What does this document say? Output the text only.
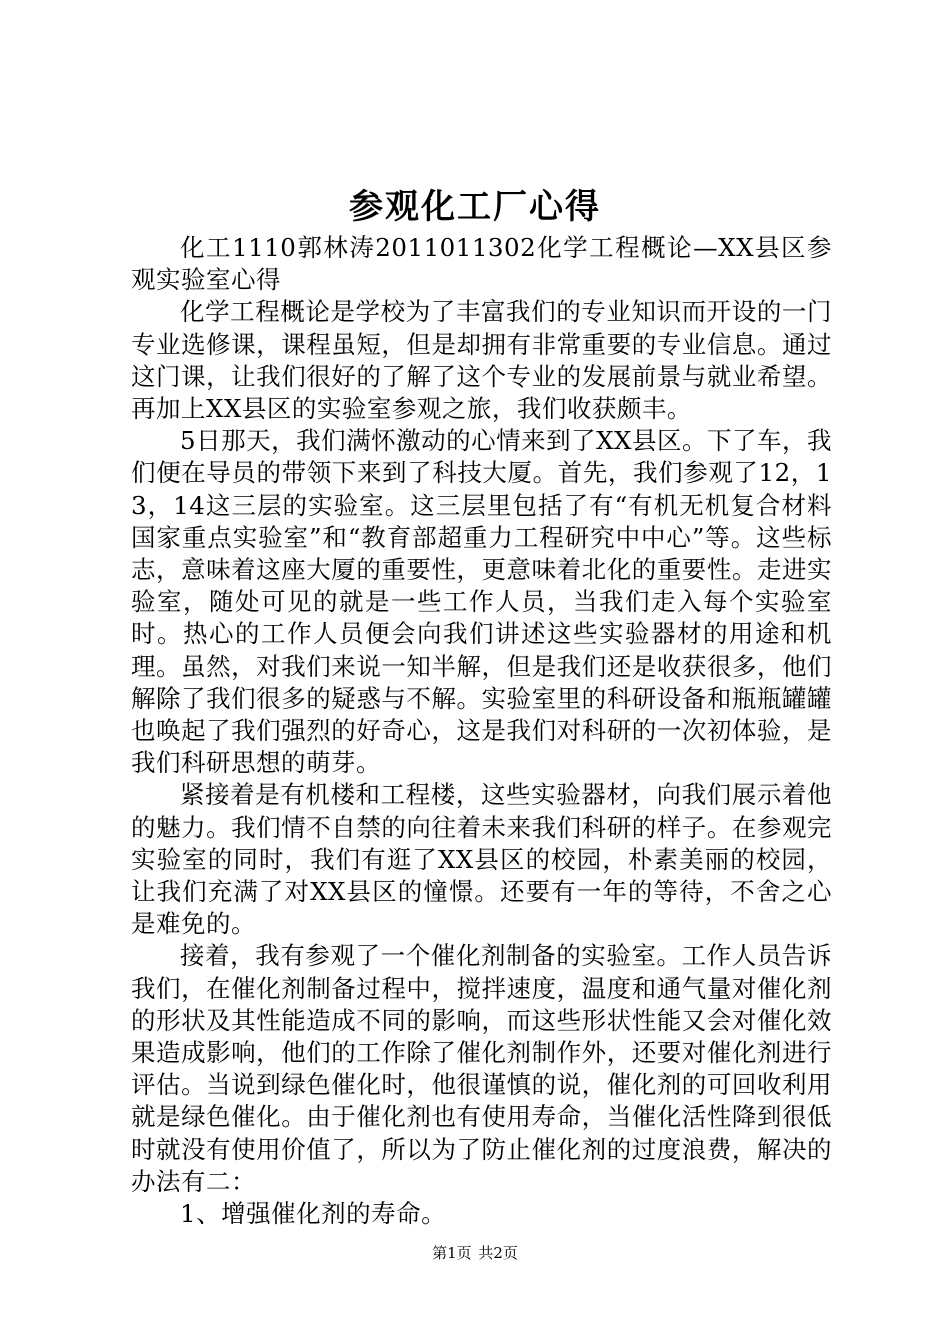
参观化工厂心得

化工1110郭林涛2011011302化学工程概论—XX县区参观实验室心得

化学工程概论是学校为了丰富我们的专业知识而开设的一门专业选修课，课程虽短，但是却拥有非常重要的专业信息。通过这门课，让我们很好的了解了这个专业的发展前景与就业希望。再加上XX县区的实验室参观之旅，我们收获颇丰。

5日那天，我们满怀激动的心情来到了XX县区。下了车，我们便在导员的带领下来到了科技大厦。首先，我们参观了12，13，14这三层的实验室。这三层里包括了有“有机无机复合材料国家重点实验室”和“教育部超重力工程研究中中心”等。这些标志，意味着这座大厦的重要性，更意味着北化的重要性。走进实验室，随处可见的就是一些工作人员，当我们走入每个实验室时。热心的工作人员便会向我们讲述这些实验器材的用途和机理。虽然，对我们来说一知半解，但是我们还是收获很多，他们解除了我们很多的疑惑与不解。实验室里的科研设备和瓶瓶罐罐也唤起了我们强烈的好奇心，这是我们对科研的一次初体验，是我们科研思想的萌芽。

紧接着是有机楼和工程楼，这些实验器材，向我们展示着他的魅力。我们情不自禁的向往着未来我们科研的样子。在参观完实验室的同时，我们有逛了XX县区的校园，朴素美丽的校园，让我们充满了对XX县区的憧憬。还要有一年的等待，不舍之心是难免的。

接着，我有参观了一个催化剂制备的实验室。工作人员告诉我们，在催化剂制备过程中，搅拌速度，温度和通气量对催化剂的形状及其性能造成不同的影响，而这些形状性能又会对催化效果造成影响，他们的工作除了催化剂制作外，还要对催化剂进行评估。当说到绿色催化时，他很谨慎的说，催化剂的可回收利用就是绿色催化。由于催化剂也有使用寿命，当催化活性降到很低时就没有使用价值了，所以为了防止催化剂的过度浪费，解决的办法有二：

1、增强催化剂的寿命。

第1页 共2页
